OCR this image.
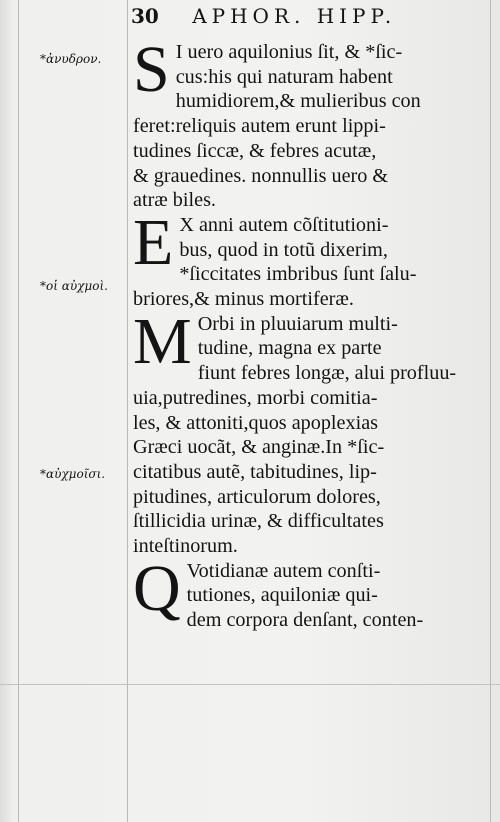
30 APHOR. HIPP.
*ἀνυδρον.
*οἱ αὐχμοὶ.
*αὐχμοῖσι.

S I uero aquilonius ſit, & *ſic-
cus:his qui naturam habent
humidiorem,& mulieribus con
feret:reliquis autem erunt lippi-
tudines ſiccæ, & febres acutæ,
& grauedines. nonnullis uero &
atræ biles.

E X anni autem cõſtitutioni-
bus, quod in totũ dixerim,
*ſiccitates imbribus ſunt ſalu-
briores,& minus mortiferæ.

M Orbi in pluuiarum multi-
tudine, magna ex parte
fiunt febres longæ, alui profluu-
uia,putredines, morbi comitia-
les, & attoniti,quos apoplexias
Græci uocãt, & anginæ.In *ſic-
citatibus autẽ, tabitudines, lip-
pitudines, articulorum dolores,
ſtillicidia urinæ, & difficultates
inteſtinorum.

Q Votidianæ autem conſti-
tutiones, aquiloniæ qui-
dem corpora denſant, conten-
